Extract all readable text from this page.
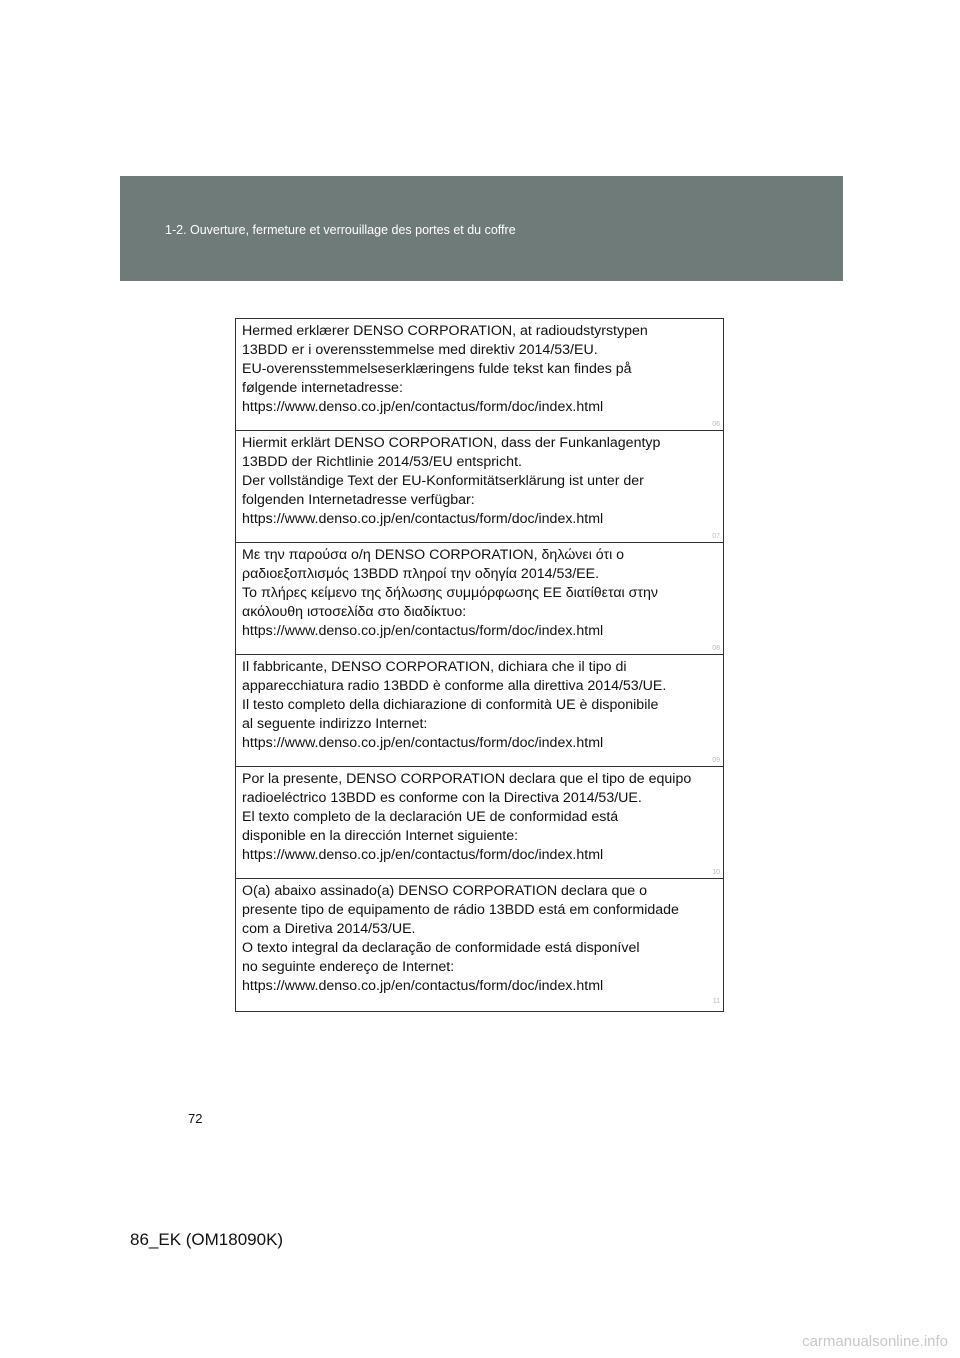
1-2. Ouverture, fermeture et verrouillage des portes et du coffre
Hermed erklærer DENSO CORPORATION, at radioudstyrstypen
13BDD er i overensstemmelse med direktiv 2014/53/EU.
EU-overensstemmelseserklæringens fulde tekst kan findes på
følgende internetadresse:
https://www.denso.co.jp/en/contactus/form/doc/index.html
06
Hiermit erklärt DENSO CORPORATION, dass der Funkanlagentyp
13BDD der Richtlinie 2014/53/EU entspricht.
Der vollständige Text der EU-Konformitätserklärung ist unter der
folgenden Internetadresse verfügbar:
https://www.denso.co.jp/en/contactus/form/doc/index.html
07
Με την παρούσα ο/η DENSO CORPORATION, δηλώνει ότι ο
ραδιοεξοπλισμός 13BDD πληροί την οδηγία 2014/53/ΕΕ.
Το πλήρες κείμενο της δήλωσης συμμόρφωσης ΕΕ διατίθεται στην
ακόλουθη ιστοσελίδα στο διαδίκτυο:
https://www.denso.co.jp/en/contactus/form/doc/index.html
08
Il fabbricante, DENSO CORPORATION, dichiara che il tipo di
apparecchiatura radio 13BDD è conforme alla direttiva 2014/53/UE.
Il testo completo della dichiarazione di conformità UE è disponibile
al seguente indirizzo Internet:
https://www.denso.co.jp/en/contactus/form/doc/index.html
09
Por la presente, DENSO CORPORATION declara que el tipo de equipo
radioeléctrico 13BDD es conforme con la Directiva 2014/53/UE.
El texto completo de la declaración UE de conformidad está
disponible en la dirección Internet siguiente:
https://www.denso.co.jp/en/contactus/form/doc/index.html
10
O(a) abaixo assinado(a) DENSO CORPORATION declara que o
presente tipo de equipamento de rádio 13BDD está em conformidade
com a Diretiva 2014/53/UE.
O texto integral da declaração de conformidade está disponível
no seguinte endereço de Internet:
https://www.denso.co.jp/en/contactus/form/doc/index.html
11
72
86_EK (OM18090K)
carmanualsonline.info
